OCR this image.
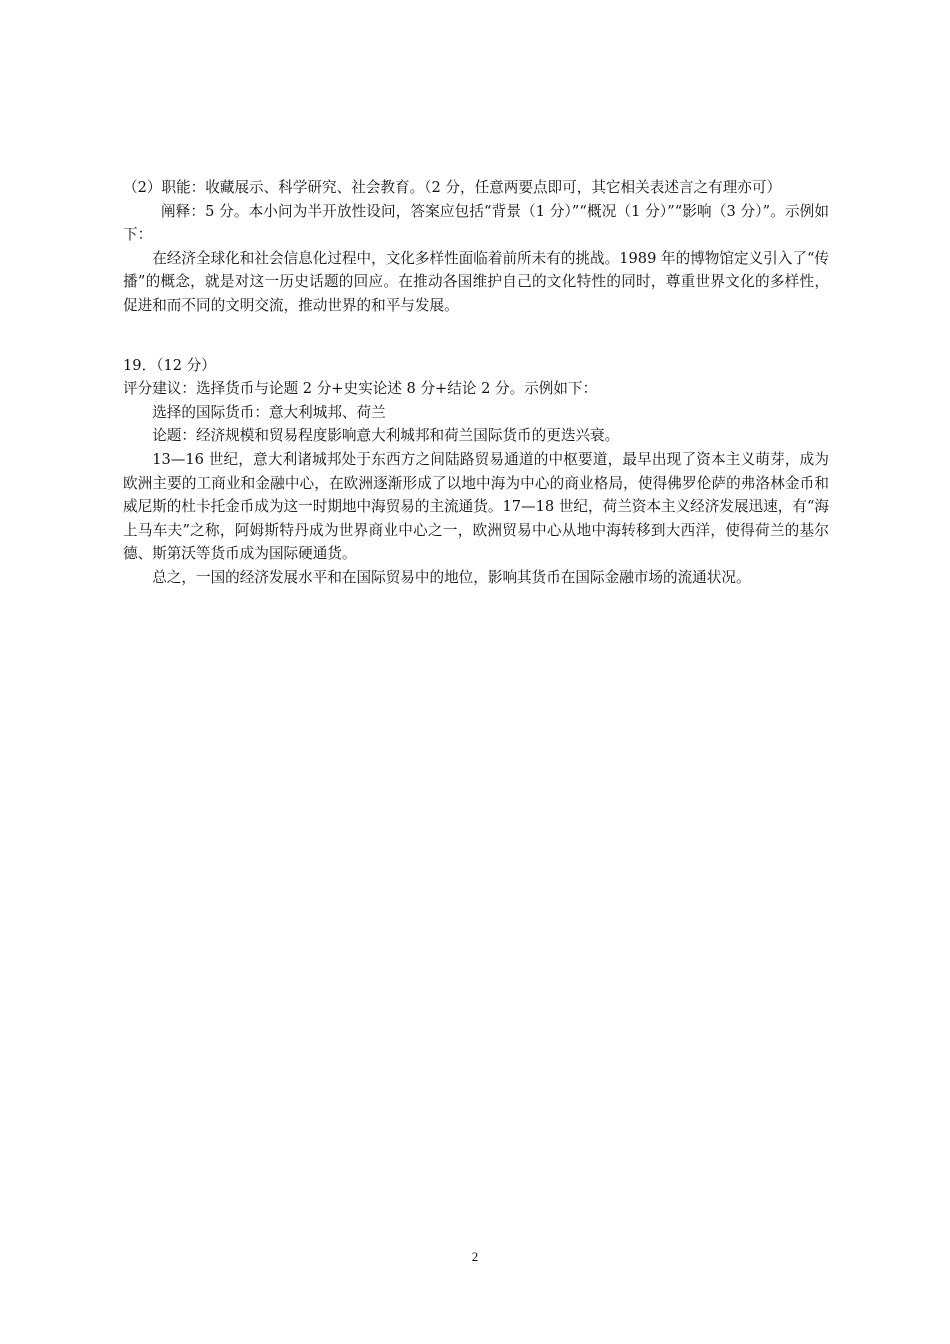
（2）职能：收藏展示、科学研究、社会教育。（2 分，任意两要点即可，其它相关表述言之有理亦可）

阐释：5 分。本小问为半开放性设问，答案应包括“背景（1 分）”“概况（1 分）”“影响（3 分）”。示例如下：

在经济全球化和社会信息化过程中，文化多样性面临着前所未有的挑战。1989 年的博物馆定义引入了“传播”的概念，就是对这一历史话题的回应。在推动各国维护自己的文化特性的同时，尊重世界文化的多样性，促进和而不同的文明交流，推动世界的和平与发展。

19．（12 分）

评分建议：选择货币与论题 2 分+史实论述 8 分+结论 2 分。示例如下：

选择的国际货币：意大利城邦、荷兰

论题：经济规模和贸易程度影响意大利城邦和荷兰国际货币的更迭兴衰。

13—16 世纪，意大利诸城邦处于东西方之间陆路贸易通道的中枢要道，最早出现了资本主义萌芽，成为欧洲主要的工商业和金融中心，在欧洲逐渐形成了以地中海为中心的商业格局，使得佛罗伦萨的弗洛林金币和威尼斯的杜卡托金币成为这一时期地中海贸易的主流通货。17—18 世纪，荷兰资本主义经济发展迅速，有“海上马车夫”之称，阿姆斯特丹成为世界商业中心之一，欧洲贸易中心从地中海转移到大西洋，使得荷兰的基尔德、斯第沃等货币成为国际硬通货。

总之，一国的经济发展水平和在国际贸易中的地位，影响其货币在国际金融市场的流通状况。

2
